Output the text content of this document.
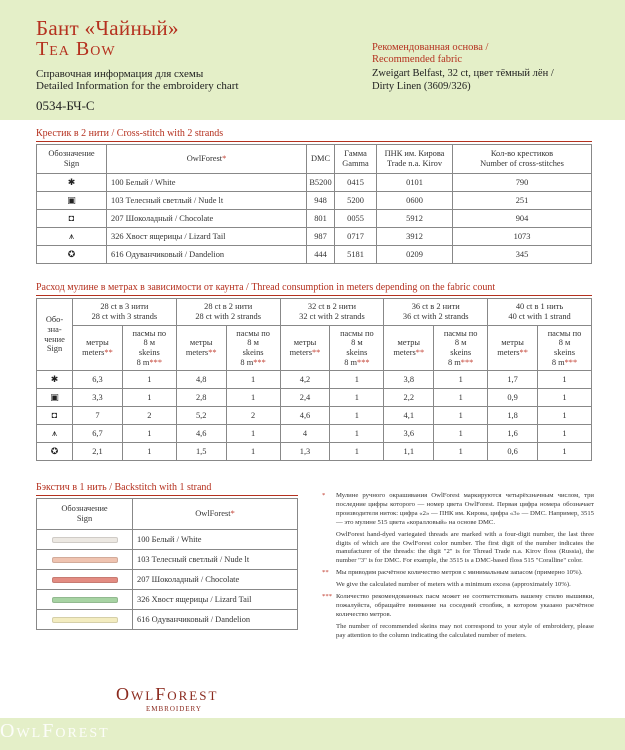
Бант «Чайный»
Tea Bow
Справочная информация для схемы
Detailed Information for the embroidery chart
0534-БЧ-С
Рекомендованная основа /
Recommended fabric
Zweigart Belfast, 32 ct, цвет тёмный лён /
Dirty Linen (3609/326)
Крестик в 2 нити / Cross-stitch with 2 strands
Обозначение
Sign	OwlForest*	DMC	Гамма
Gamma	ПНК им. Кирова
Trade n.a. Kirov	Кол-во крестиков
Number of cross-stitches
✱	100 Белый / White	B5200	0415	0101	790
▣	103 Телесный светлый / Nude lt	948	5200	0600	251
◘	207 Шоколадный / Chocolate	801	0055	5912	904
⩚	326 Хвост ящерицы / Lizard Tail	987	0717	3912	1073
✪	616 Одуванчиковый / Dandelion	444	5181	0209	345
Расход мулине в метрах в зависимости от каунта / Thread consumption in meters depending on the fabric count
Обо-
зна-
чение
Sign	28 ct в 3 нити
28 ct with 3 strands		28 ct в 2 нити
28 ct with 2 strands		32 ct в 2 нити
32 ct with 2 strands		36 ct в 2 нити
36 ct with 2 strands		40 ct в 1 нить
40 ct with 1 strand	
	метры
meters**	пасмы по
8 м
skeins
8 m***	метры
meters**	пасмы по
8 м
skeins
8 m***	метры
meters**	пасмы по
8 м
skeins
8 m***	метры
meters**	пасмы по
8 м
skeins
8 m***	метры
meters**	пасмы по
8 м
skeins
8 m***
✱	6,3	1	4,8	1	4,2	1	3,8	1	1,7	1
▣	3,3	1	2,8	1	2,4	1	2,2	1	0,9	1
◘	7	2	5,2	2	4,6	1	4,1	1	1,8	1
⩚	6,7	1	4,6	1	4	1	3,6	1	1,6	1
✪	2,1	1	1,5	1	1,3	1	1,1	1	0,6	1
Бэкстич в 1 нить / Backstitch with 1 strand
Обозначение
Sign	OwlForest*
	100 Белый / White
	103 Телесный светлый / Nude lt
	207 Шоколадный / Chocolate
	326 Хвост ящерицы / Lizard Tail
	616 Одуванчиковый / Dandelion
* Мулине ручного окрашивания OwlForest маркируются четырёхзначным числом, три последние цифры которого — номер цвета OwlForest. Первая цифра номера обозначает производителя ниток: цифра «2» — ПНК им. Кирова, цифра «3» — DMC. Например, 3515 — это мулине 515 цвета «коралловый» на основе DMC.

OwlForest hand-dyed variegated threads are marked with a four-digit number, the last three digits of which are the OwlForest color number. The first digit of the number indicates the manufacturer of the threads: the digit "2" is for Thread Trade n.a. Kirov floss (Russia), the number "3" is for DMC. For example, the 3515 is a DMC-based floss 515 "Coralline" color.

** Мы приводим расчётное количество метров с минимальным запасом (примерно 10%).

We give the calculated number of meters with a minimum excess (approximately 10%).

*** Количество рекомендованных пасм может не соответствовать вашему стилю вышивки, пожалуйста, обращайте внимание на соседний столбик, в котором указано расчётное количество метров.

The number of recommended skeins may not correspond to your style of embroidery, please pay attention to the column indicating the calculated number of meters.

OwlForest
EMBROIDERY
OwlForest
